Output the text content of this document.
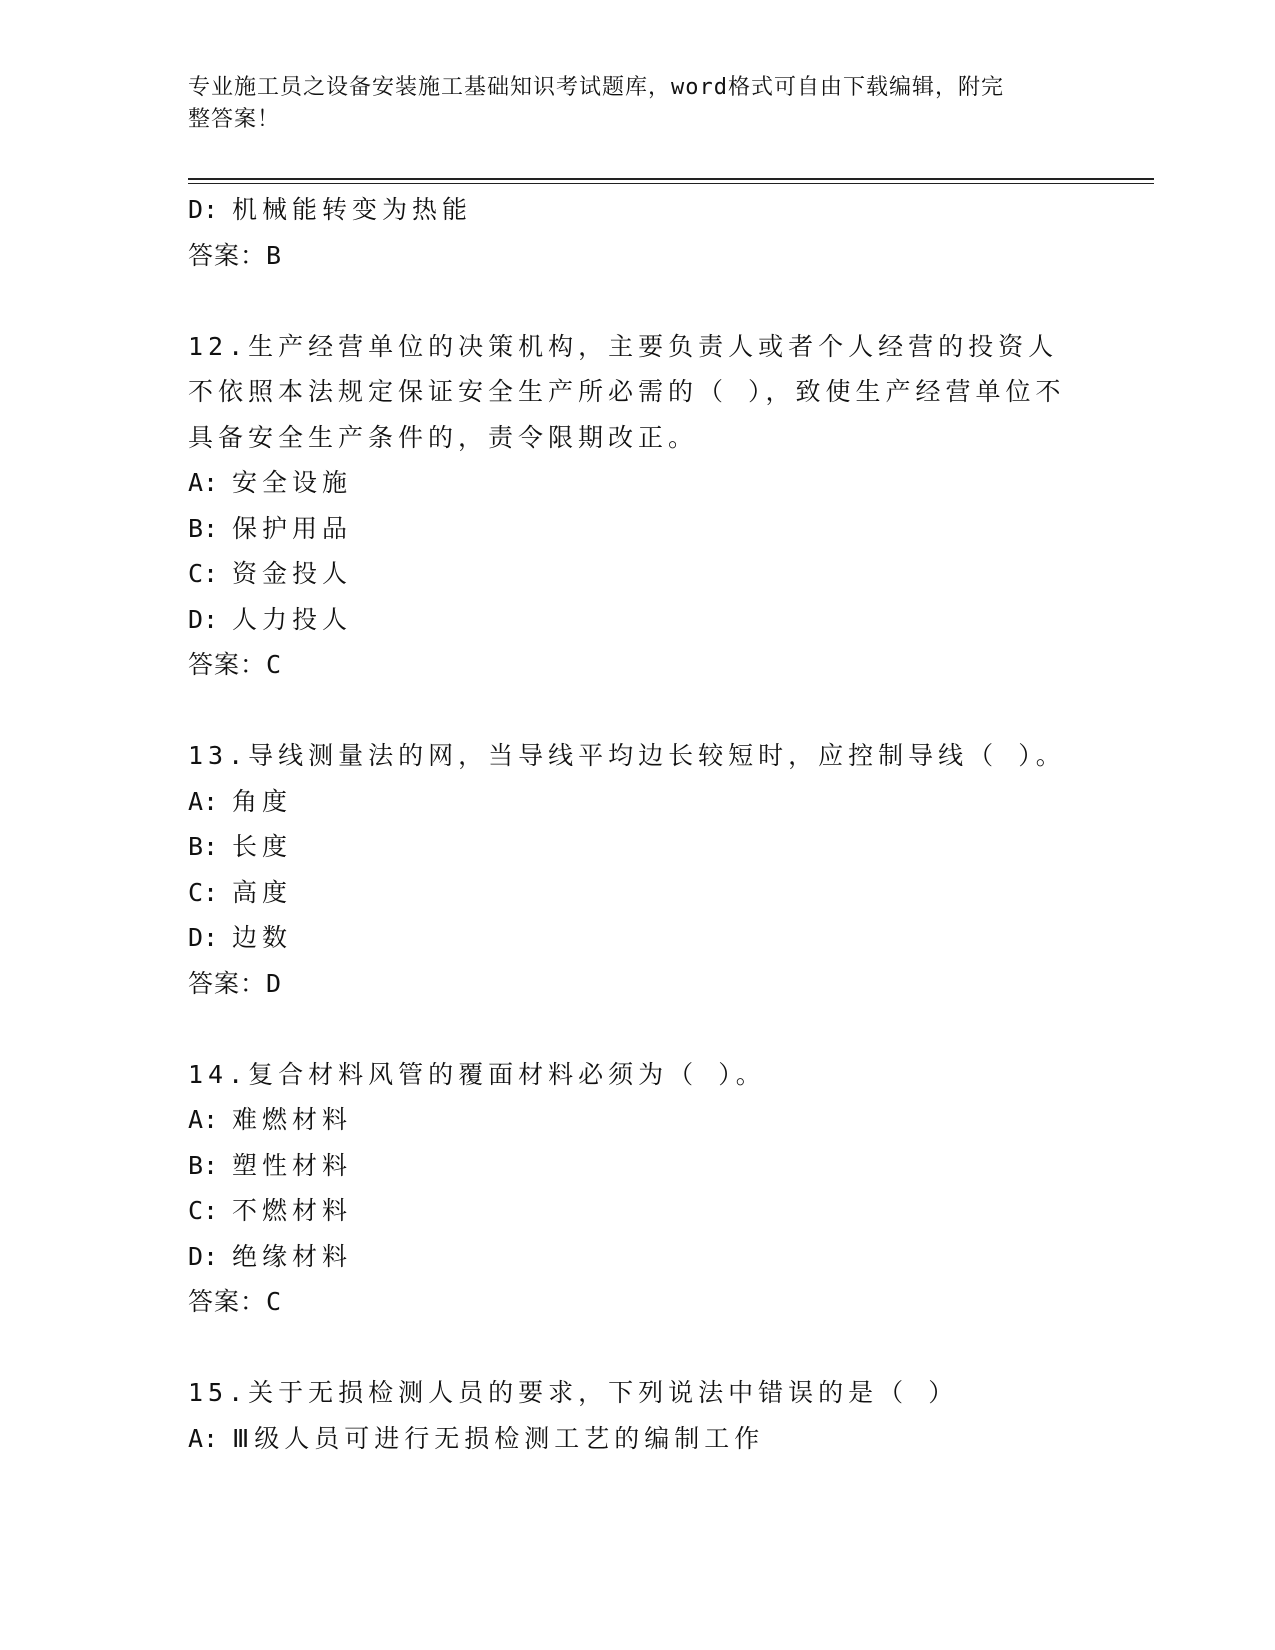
专业施工员之设备安装施工基础知识考试题库，word格式可自由下载编辑，附完
整答案！
D: 机械能转变为热能
答案：B
12.生产经营单位的决策机构，主要负责人或者个人经营的投资人不依照本法规定保证安全生产所必需的（ ），致使生产经营单位不具备安全生产条件的，责令限期改正。
A: 安全设施
B: 保护用品
C: 资金投人
D: 人力投人
答案：C
13.导线测量法的网，当导线平均边长较短时，应控制导线（ ）。
A: 角度
B: 长度
C: 高度
D: 边数
答案：D
14.复合材料风管的覆面材料必须为（ ）。
A: 难燃材料
B: 塑性材料
C: 不燃材料
D: 绝缘材料
答案：C
15.关于无损检测人员的要求，下列说法中错误的是（ ）
A: Ⅲ级人员可进行无损检测工艺的编制工作
